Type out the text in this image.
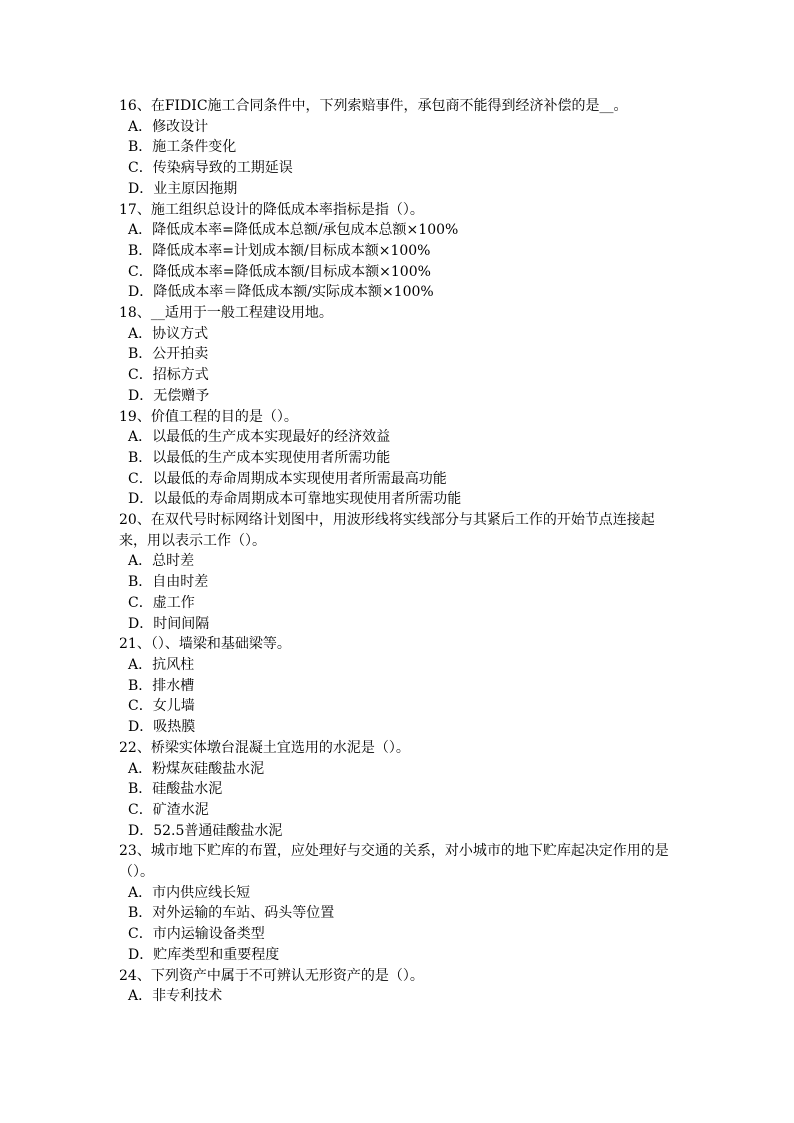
16、在FIDIC施工合同条件中，下列索赔事件，承包商不能得到经济补偿的是__。

A．修改设计

B．施工条件变化

C．传染病导致的工期延误

D．业主原因拖期

17、施工组织总设计的降低成本率指标是指（）。

A．降低成本率=降低成本总额/承包成本总额×100%

B．降低成本率=计划成本额/目标成本额×100%

C．降低成本率=降低成本额/目标成本额×100%

D．降低成本率＝降低成本额/实际成本额×100%

18、__适用于一般工程建设用地。

A．协议方式

B．公开拍卖

C．招标方式

D．无偿赠予

19、价值工程的目的是（）。

A．以最低的生产成本实现最好的经济效益

B．以最低的生产成本实现使用者所需功能

C．以最低的寿命周期成本实现使用者所需最高功能

D．以最低的寿命周期成本可靠地实现使用者所需功能

20、在双代号时标网络计划图中，用波形线将实线部分与其紧后工作的开始节点连接起来，用以表示工作（）。

A．总时差

B．自由时差

C．虚工作

D．时间间隔

21、（）、墙梁和基础梁等。

A．抗风柱

B．排水槽

C．女儿墙

D．吸热膜

22、桥梁实体墩台混凝土宜选用的水泥是（）。

A．粉煤灰硅酸盐水泥

B．硅酸盐水泥

C．矿渣水泥

D．52.5普通硅酸盐水泥

23、城市地下贮库的布置，应处理好与交通的关系，对小城市的地下贮库起决定作用的是（）。

A．市内供应线长短

B．对外运输的车站、码头等位置

C．市内运输设备类型

D．贮库类型和重要程度

24、下列资产中属于不可辨认无形资产的是（）。

A．非专利技术
